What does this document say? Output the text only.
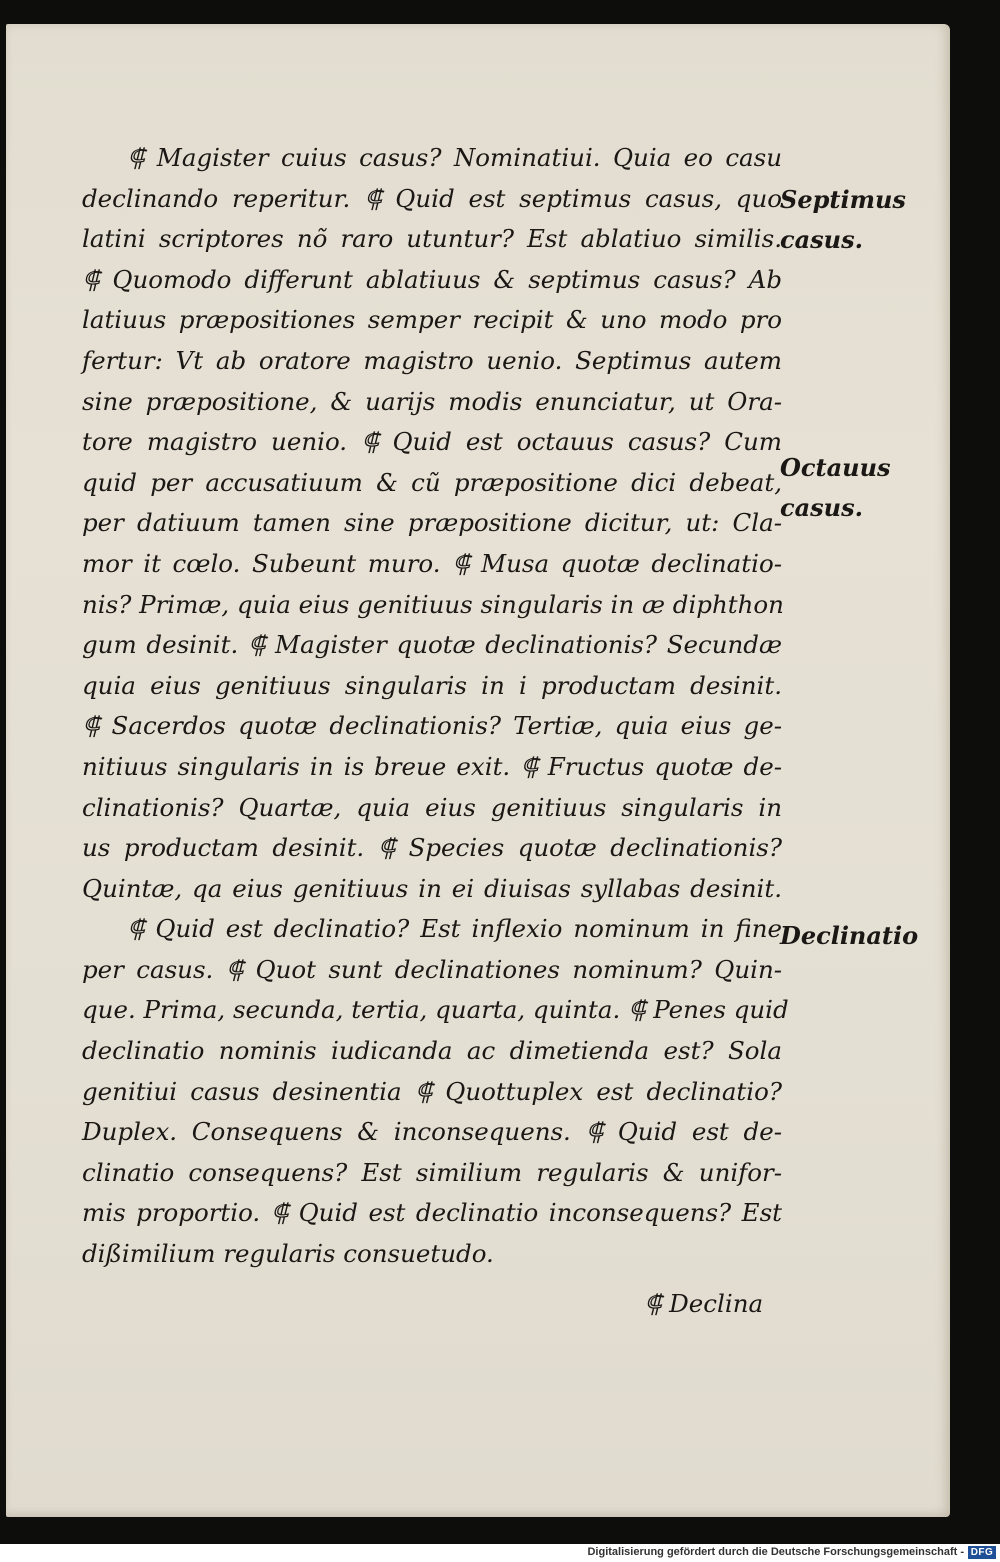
⸿ Magister cuius casus? Nominatiui. Quia eo casu
declinando reperitur. ⸿ Quid est septimus casus, quo
latini scriptores nõ raro utuntur? Est ablatiuo similis.
⸿ Quomodo differunt ablatiuus & septimus casus? Ab
latiuus præpositiones semper recipit & uno modo pro
fertur: Vt ab oratore magistro uenio. Septimus autem
sine præpositione, & uarijs modis enunciatur, ut Ora-
tore magistro uenio. ⸿ Quid est octauus casus? Cum
quid per accusatiuum & cũ præpositione dici debeat,
per datiuum tamen sine præpositione dicitur, ut: Cla-
mor it cœlo. Subeunt muro. ⸿ Musa quotæ declinatio-
nis? Primæ, quia eius genitiuus singularis in æ diphthon
gum desinit. ⸿ Magister quotæ declinationis? Secundæ
quia eius genitiuus singularis in i productam desinit.
⸿ Sacerdos quotæ declinationis? Tertiæ, quia eius ge-
nitiuus singularis in is breue exit. ⸿ Fructus quotæ de-
clinationis? Quartæ, quia eius genitiuus singularis in
us productam desinit. ⸿ Species quotæ declinationis?
Quintæ, qa eius genitiuus in ei diuisas syllabas desinit.
⸿ Quid est declinatio? Est inflexio nominum in fine
per casus. ⸿ Quot sunt declinationes nominum? Quin-
que. Prima, secunda, tertia, quarta, quinta. ⸿ Penes quid
declinatio nominis iudicanda ac dimetienda est? Sola
genitiui casus desinentia ⸿ Quottuplex est declinatio?
Duplex. Consequens & inconsequens. ⸿ Quid est de-
clinatio consequens? Est similium regularis & unifor-
mis proportio. ⸿ Quid est declinatio inconsequens? Est
dißimilium regularis consuetudo.
⸿ Declina
Septimus
casus.
Octauus
casus.
Declinatio
Digitalisierung gefördert durch die Deutsche Forschungsgemeinschaft - DFG
